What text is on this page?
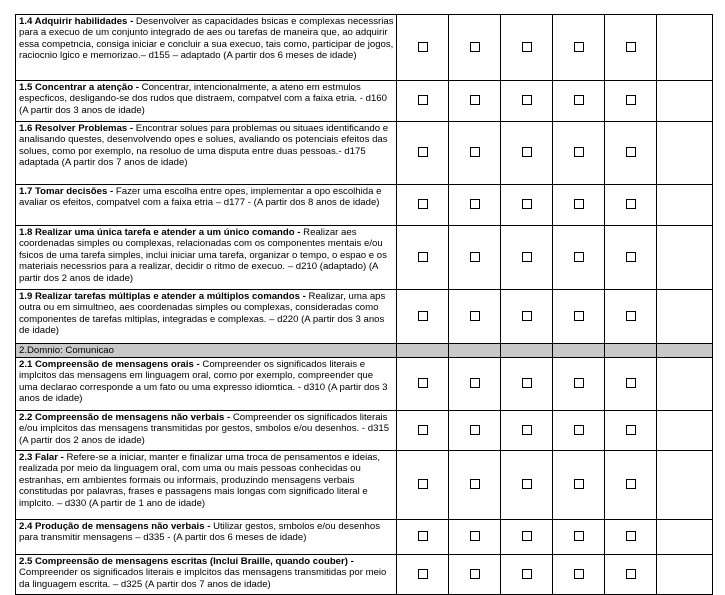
1.4 Adquirir habilidades - Desenvolver as capacidades bsicas e complexas necessrias para a execuo de um conjunto integrado de aes ou tarefas de maneira que, ao adquirir essa competncia, consiga iniciar e concluir a sua execuo, tais como, participar de jogos, raciocnio lgico e memorizao.– d155 – adaptado (A partir dos 6 meses de idade)						
1.5 Concentrar a atenção - Concentrar, intencionalmente, a ateno em estmulos especficos, desligando-se dos rudos que distraem, compatvel com a faixa etria. - d160 (A partir dos 3 anos de idade)						
1.6 Resolver Problemas - Encontrar solues para problemas ou situaes identificando e analisando questes, desenvolvendo opes e solues, avaliando os potenciais efeitos das solues, como por exemplo, na resoluo de uma disputa entre duas pessoas.- d175 adaptada (A partir dos 7 anos de idade)						
1.7 Tomar decisões - Fazer uma escolha entre opes, implementar a opo escolhida e avaliar os efeitos, compatvel com a faixa etria – d177 - (A partir dos 8 anos de idade)						
1.8 Realizar uma única tarefa e atender a um único comando - Realizar aes coordenadas simples ou complexas, relacionadas com os componentes mentais e/ou fsicos de uma tarefa simples, inclui iniciar uma tarefa, organizar o tempo, o espao e os materiais necessrios para a realizar, decidir o ritmo de execuo. – d210 (adaptado) (A partir dos 2 anos de idade)						
1.9 Realizar tarefas múltiplas e atender a múltiplos comandos - Realizar, uma aps outra ou em simultneo, aes coordenadas simples ou complexas, consideradas como componentes de tarefas mltiplas, integradas e complexas. – d220 (A partir dos 3 anos de idade)						
2.Domnio: Comunicao						
2.1 Compreensão de mensagens orais - Compreender os significados literais e implcitos das mensagens em linguagem oral, como por exemplo, compreender que uma declarao corresponde a um fato ou uma expresso idiomtica. - d310 (A partir dos 3 anos de idade)						
2.2 Compreensão de mensagens não verbais - Compreender os significados literais e/ou implcitos das mensagens transmitidas por gestos, smbolos e/ou desenhos. - d315 (A partir dos 2 anos de idade)						
2.3 Falar - Refere-se a iniciar, manter e finalizar uma troca de pensamentos e ideias, realizada por meio da linguagem oral, com uma ou mais pessoas conhecidas ou estranhas, em ambientes formais ou informais, produzindo mensagens verbais constitudas por palavras, frases e passagens mais longas com significado literal e implcito. – d330 (A partir de 1 ano de idade)						
2.4 Produção de mensagens não verbais - Utilizar gestos, smbolos e/ou desenhos para transmitir mensagens – d335 - (A partir dos 6 meses de idade)						
2.5 Compreensão de mensagens escritas (Inclui Braille, quando couber) - Compreender os significados literais e implcitos das mensagens transmitidas por meio da linguagem escrita. – d325 (A partir dos 7 anos de idade)						
